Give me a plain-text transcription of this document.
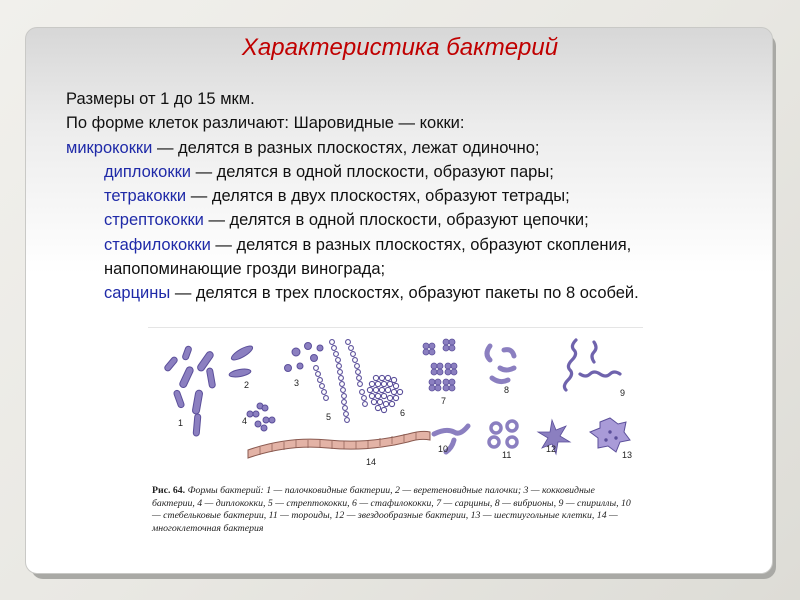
Характеристика бактерий

Размеры от 1 до 15 мкм.

По форме клеток различают: Шаровидные — кокки:

микрококки — делятся в разных плоскостях, лежат одиночно;

диплококки — делятся в одной плоскости, образуют пары;

тетракокки — делятся в двух плоскостях, образуют тетрады;

стрептококки — делятся в одной плоскости, образуют цепочки;

стафилококки — делятся в разных плоскостях, образуют скопления, напопоминающие грозди винограда;

сарцины — делятся в трех плоскостях, образуют пакеты по 8 особей.

1
2	3
4	5	6
7
8	9
10
11
12
13
14
Рис. 64. Формы бактерий: 1 — палочковидные бактерии, 2 — веретеновидные палочки; 3 — кокковидные бактерии, 4 — диплококки, 5 — стрептококки, 6 — стафилококки, 7 — сарцины, 8 — вибрионы, 9 — спириллы, 10 — стебельковые бактерии, 11 — тороиды, 12 — звездообразные бактерии, 13 — шестиугольные клетки, 14 — многоклеточная бактерия
